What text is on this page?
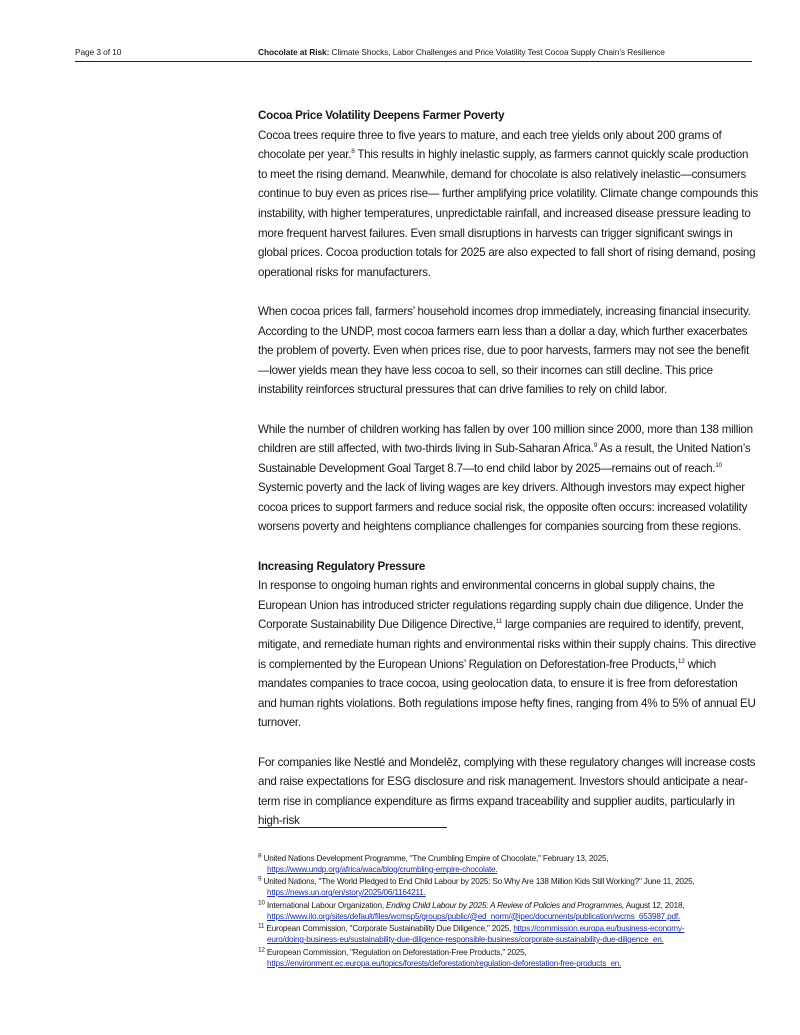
Page 3 of 10	Chocolate at Risk: Climate Shocks, Labor Challenges and Price Volatility Test Cocoa Supply Chain’s Resilience
Cocoa Price Volatility Deepens Farmer Poverty

Cocoa trees require three to five years to mature, and each tree yields only about 200 grams of chocolate per year.$^8$ This results in highly inelastic supply, as farmers cannot quickly scale production to meet the rising demand. Meanwhile, demand for chocolate is also relatively inelastic—consumers continue to buy even as prices rise— further amplifying price volatility. Climate change compounds this instability, with higher temperatures, unpredictable rainfall, and increased disease pressure leading to more frequent harvest failures. Even small disruptions in harvests can trigger significant swings in global prices. Cocoa production totals for 2025 are also expected to fall short of rising demand, posing operational risks for manufacturers.

When cocoa prices fall, farmers’ household incomes drop immediately, increasing financial insecurity. According to the UNDP, most cocoa farmers earn less than a dollar a day, which further exacerbates the problem of poverty. Even when prices rise, due to poor harvests, farmers may not see the benefit—lower yields mean they have less cocoa to sell, so their incomes can still decline. This price instability reinforces structural pressures that can drive families to rely on child labor.

While the number of children working has fallen by over 100 million since 2000, more than 138 million children are still affected, with two-thirds living in Sub-Saharan Africa.$^9$ As a result, the United Nation’s Sustainable Development Goal Target 8.7—to end child labor by 2025—remains out of reach.$^{10}$ Systemic poverty and the lack of living wages are key drivers. Although investors may expect higher cocoa prices to support farmers and reduce social risk, the opposite often occurs: increased volatility worsens poverty and heightens compliance challenges for companies sourcing from these regions.

Increasing Regulatory Pressure

In response to ongoing human rights and environmental concerns in global supply chains, the European Union has introduced stricter regulations regarding supply chain due diligence. Under the Corporate Sustainability Due Diligence Directive,$^{11}$ large companies are required to identify, prevent, mitigate, and remediate human rights and environmental risks within their supply chains. This directive is complemented by the European Unions’ Regulation on Deforestation-free Products,$^{12}$ which mandates companies to trace cocoa, using geolocation data, to ensure it is free from deforestation and human rights violations. Both regulations impose hefty fines, ranging from 4% to 5% of annual EU turnover.

For companies like Nestlé and Mondelēz, complying with these regulatory changes will increase costs and raise expectations for ESG disclosure and risk management. Investors should anticipate a near-term rise in compliance expenditure as firms expand traceability and supplier audits, particularly in high-risk

$^8$ United Nations Development Programme, "The Crumbling Empire of Chocolate," February 13, 2025,
https://www.undp.org/africa/waca/blog/crumbling-empire-chocolate.
$^9$ United Nations, "The World Pledged to End Child Labour by 2025: So Why Are 138 Million Kids Still Working?" June 11, 2025,
https://news.un.org/en/story/2025/06/1164211.
$^{10}$ International Labour Organization, Ending Child Labour by 2025: A Review of Policies and Programmes, August 12, 2018,
https://www.ilo.org/sites/default/files/wcmsp5/groups/public/@ed_norm/@ipec/documents/publication/wcms_653987.pdf.
$^{11}$ European Commission, "Corporate Sustainability Due Diligence," 2025, https://commission.europa.eu/business-economy-
euro/doing-business-eu/sustainability-due-diligence-responsible-business/corporate-sustainability-due-diligence_en.
$^{12}$ European Commission, "Regulation on Deforestation-Free Products," 2025,
https://environment.ec.europa.eu/topics/forests/deforestation/regulation-deforestation-free-products_en.
